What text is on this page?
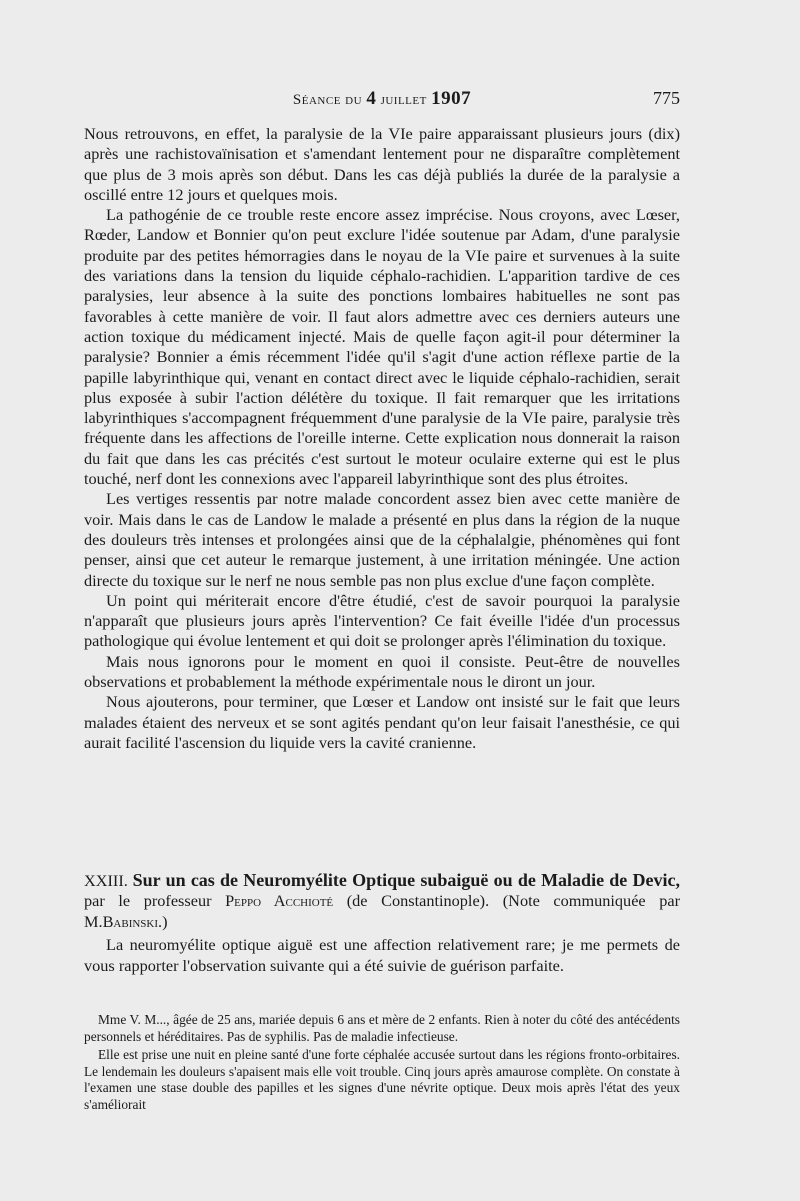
Séance du 4 juillet 1907	775

Nous retrouvons, en effet, la paralysie de la VIe paire apparaissant plusieurs jours (dix) après une rachistovaïnisation et s'amendant lentement pour ne disparaître complètement que plus de 3 mois après son début. Dans les cas déjà publiés la durée de la paralysie a oscillé entre 12 jours et quelques mois.

La pathogénie de ce trouble reste encore assez imprécise. Nous croyons, avec Lœser, Rœder, Landow et Bonnier qu'on peut exclure l'idée soutenue par Adam, d'une paralysie produite par des petites hémorragies dans le noyau de la VIe paire et survenues à la suite des variations dans la tension du liquide céphalo-rachidien. L'apparition tardive de ces paralysies, leur absence à la suite des ponctions lombaires habituelles ne sont pas favorables à cette manière de voir. Il faut alors admettre avec ces derniers auteurs une action toxique du médicament injecté. Mais de quelle façon agit-il pour déterminer la paralysie? Bonnier a émis récemment l'idée qu'il s'agit d'une action réflexe partie de la papille labyrinthique qui, venant en contact direct avec le liquide céphalo-rachidien, serait plus exposée à subir l'action délétère du toxique. Il fait remarquer que les irritations labyrinthiques s'accompagnent fréquemment d'une paralysie de la VIe paire, paralysie très fréquente dans les affections de l'oreille interne. Cette explication nous donnerait la raison du fait que dans les cas précités c'est surtout le moteur oculaire externe qui est le plus touché, nerf dont les connexions avec l'appareil labyrinthique sont des plus étroites.

Les vertiges ressentis par notre malade concordent assez bien avec cette manière de voir. Mais dans le cas de Landow le malade a présenté en plus dans la région de la nuque des douleurs très intenses et prolongées ainsi que de la céphalalgie, phénomènes qui font penser, ainsi que cet auteur le remarque justement, à une irritation méningée. Une action directe du toxique sur le nerf ne nous semble pas non plus exclue d'une façon complète.

Un point qui mériterait encore d'être étudié, c'est de savoir pourquoi la paralysie n'apparaît que plusieurs jours après l'intervention? Ce fait éveille l'idée d'un processus pathologique qui évolue lentement et qui doit se prolonger après l'élimination du toxique.

Mais nous ignorons pour le moment en quoi il consiste. Peut-être de nouvelles observations et probablement la méthode expérimentale nous le diront un jour.

Nous ajouterons, pour terminer, que Lœser et Landow ont insisté sur le fait que leurs malades étaient des nerveux et se sont agités pendant qu'on leur faisait l'anesthésie, ce qui aurait facilité l'ascension du liquide vers la cavité cranienne.

XXIII. Sur un cas de Neuromyélite Optique subaiguë ou de Maladie de Devic, par le professeur Peppo Acchioté (de Constantinople). (Note communiquée par M.Babinski.)

La neuromyélite optique aiguë est une affection relativement rare; je me permets de vous rapporter l'observation suivante qui a été suivie de guérison parfaite.

Mme V. M..., âgée de 25 ans, mariée depuis 6 ans et mère de 2 enfants. Rien à noter du côté des antécédents personnels et héréditaires. Pas de syphilis. Pas de maladie infectieuse.

Elle est prise une nuit en pleine santé d'une forte céphalée accusée surtout dans les régions fronto-orbitaires. Le lendemain les douleurs s'apaisent mais elle voit trouble. Cinq jours après amaurose complète. On constate à l'examen une stase double des papilles et les signes d'une névrite optique. Deux mois après l'état des yeux s'améliorait
